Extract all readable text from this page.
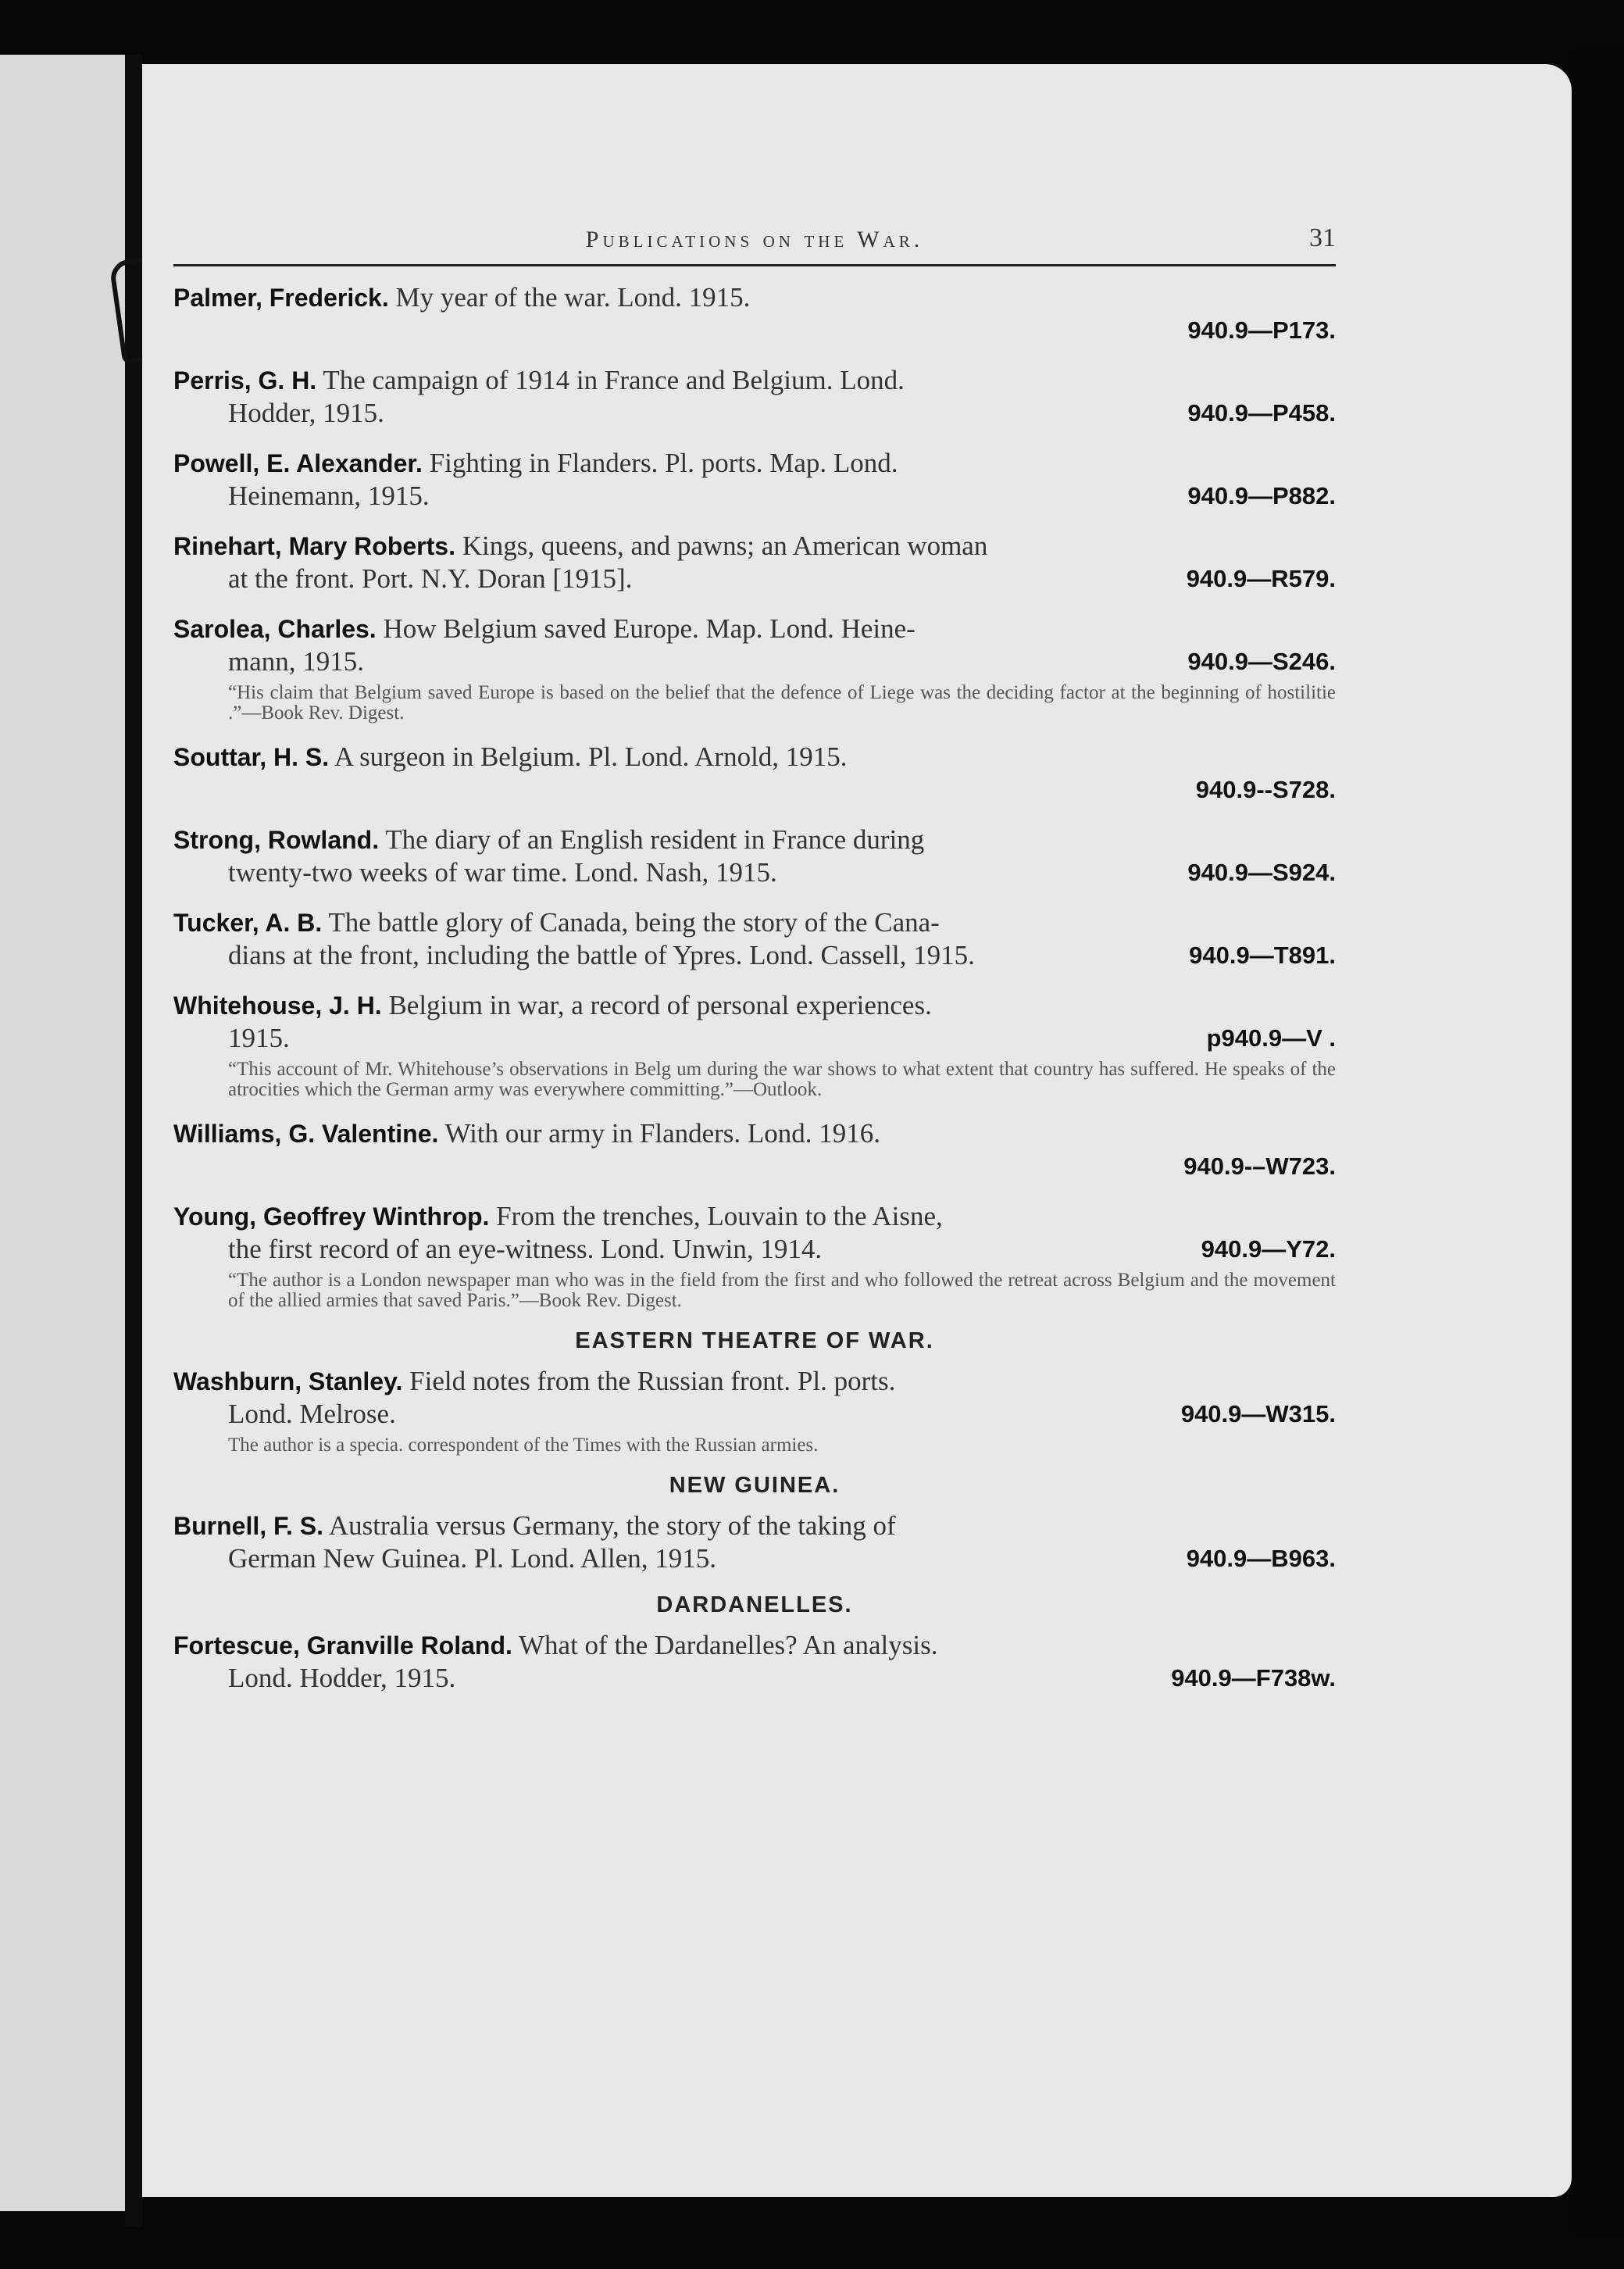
Publications on the War.	31
Palmer, Frederick. My year of the war. Lond. 1915.
940.9—P173.
Perris, G. H. The campaign of 1914 in France and Belgium. Lond.
940.9—P458.
Hodder, 1915.
Powell, E. Alexander. Fighting in Flanders. Pl. ports. Map. Lond.
940.9—P882.
Heinemann, 1915.
Rinehart, Mary Roberts. Kings, queens, and pawns; an American woman
940.9—R579.
at the front. Port. N.Y. Doran [1915].
Sarolea, Charles. How Belgium saved Europe. Map. Lond. Heine-
940.9—S246.
mann, 1915.
“His claim that Belgium saved Europe is based on the belief that the defence of Liege was the deciding factor at the beginning of hostilitie .”—Book Rev. Digest.
Souttar, H. S. A surgeon in Belgium. Pl. Lond. Arnold, 1915.
940.9--S728.
Strong, Rowland. The diary of an English resident in France during
940.9—S924.
twenty-two weeks of war time. Lond. Nash, 1915.
Tucker, A. B. The battle glory of Canada, being the story of the Cana-
940.9—T891.
dians at the front, including the battle of Ypres. Lond. Cassell, 1915.
Whitehouse, J. H. Belgium in war, a record of personal experiences.
p940.9—V .
1915.
“This account of Mr. Whitehouse’s observations in Belg um during the war shows to what extent that country has suffered. He speaks of the atrocities which the German army was everywhere committing.”—Outlook.
Williams, G. Valentine. With our army in Flanders. Lond. 1916.
940.9-–W723.
Young, Geoffrey Winthrop. From the trenches, Louvain to the Aisne,
940.9—Y72.
the first record of an eye-witness. Lond. Unwin, 1914.
“The author is a London newspaper man who was in the field from the first and who followed the retreat across Belgium and the movement of the allied armies that saved Paris.”—Book Rev. Digest.
EASTERN THEATRE OF WAR.
Washburn, Stanley. Field notes from the Russian front. Pl. ports.
940.9—W315.
Lond. Melrose.
The author is a specia. correspondent of the Times with the Russian armies.
NEW GUINEA.
Burnell, F. S. Australia versus Germany, the story of the taking of
940.9—B963.
German New Guinea. Pl. Lond. Allen, 1915.
DARDANELLES.
Fortescue, Granville Roland. What of the Dardanelles? An analysis.
940.9—F738w.
Lond. Hodder, 1915.
